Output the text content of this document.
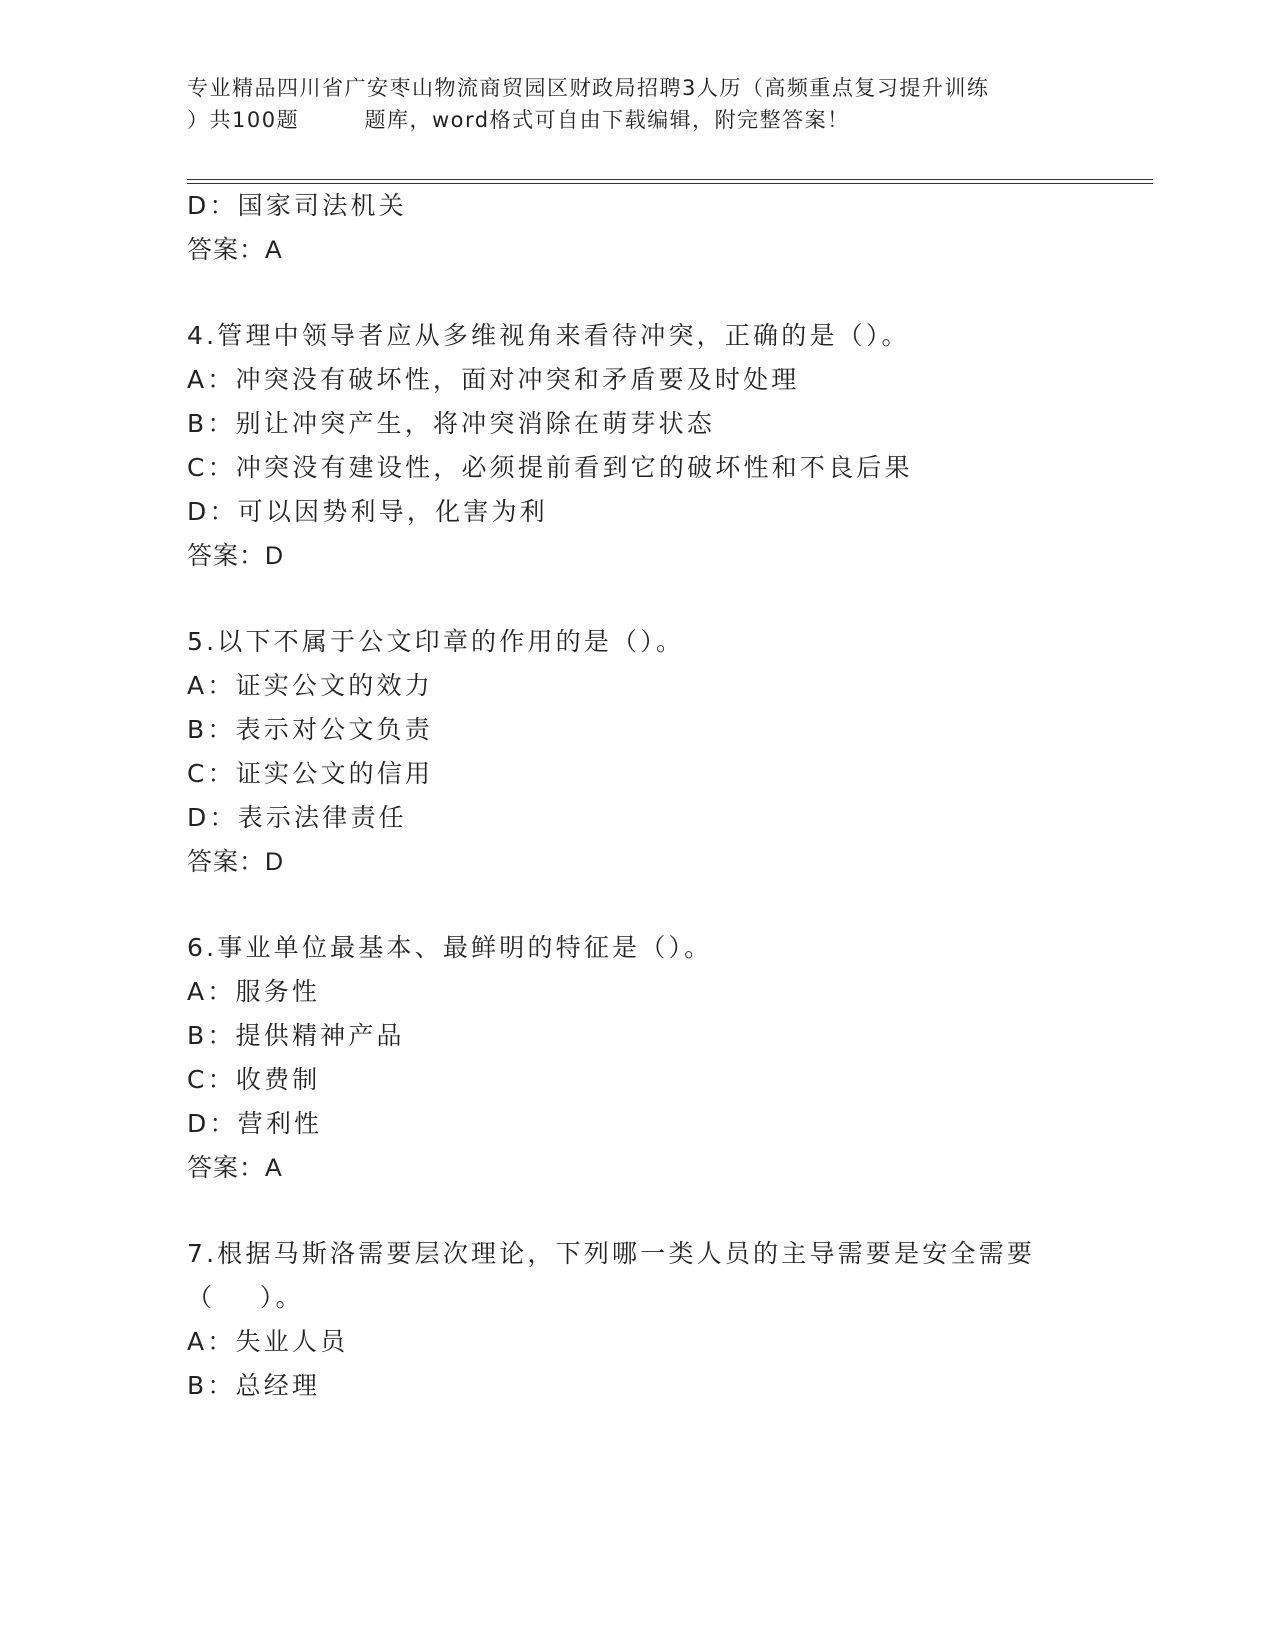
专业精品四川省广安枣山物流商贸园区财政局招聘3人历（高频重点复习提升训练
）共100题        题库，word格式可自由下载编辑，附完整答案！
D：国家司法机关
答案：A
4.管理中领导者应从多维视角来看待冲突，正确的是（）。
A：冲突没有破坏性，面对冲突和矛盾要及时处理
B：别让冲突产生，将冲突消除在萌芽状态
C：冲突没有建设性，必须提前看到它的破坏性和不良后果
D：可以因势利导，化害为利
答案：D
5.以下不属于公文印章的作用的是（）。
A：证实公文的效力
B：表示对公文负责
C：证实公文的信用
D：表示法律责任
答案：D
6.事业单位最基本、最鲜明的特征是（）。
A：服务性
B：提供精神产品
C：收费制
D：营利性
答案：A
7.根据马斯洛需要层次理论，下列哪一类人员的主导需要是安全需要
（    ）。
A：失业人员
B：总经理
